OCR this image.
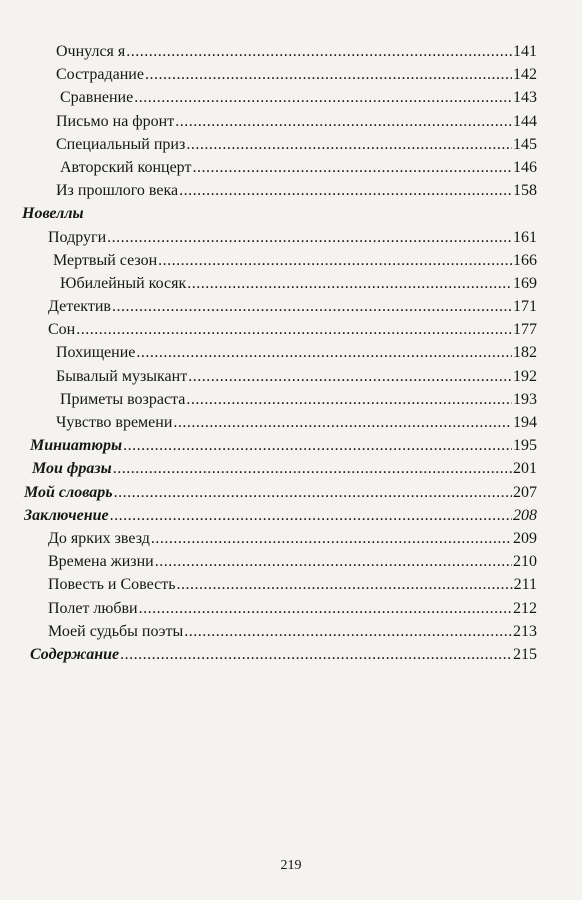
Очнулся я .....	141
Сострадание .....	142
Сравнение .....	143
Письмо на фронт .....	144
Специальный приз .....	145
Авторский концерт .....	146
Из прошлого века .....	158
Новеллы
Подруги .....	161
Мертвый сезон .....	166
Юбилейный косяк .....	169
Детектив .....	171
Сон .....	177
Похищение .....	182
Бывалый музыкант .....	192
Приметы возраста .....	193
Чувство времени .....	194
Миниатюры .....	195
Мои фразы .....	201
Мой словарь .....	207
Заключение .....	208
До ярких звезд .....	209
Времена жизни .....	210
Повесть и Совесть .....	211
Полет любви .....	212
Моей судьбы поэты .....	213
Содержание .....	215
219
